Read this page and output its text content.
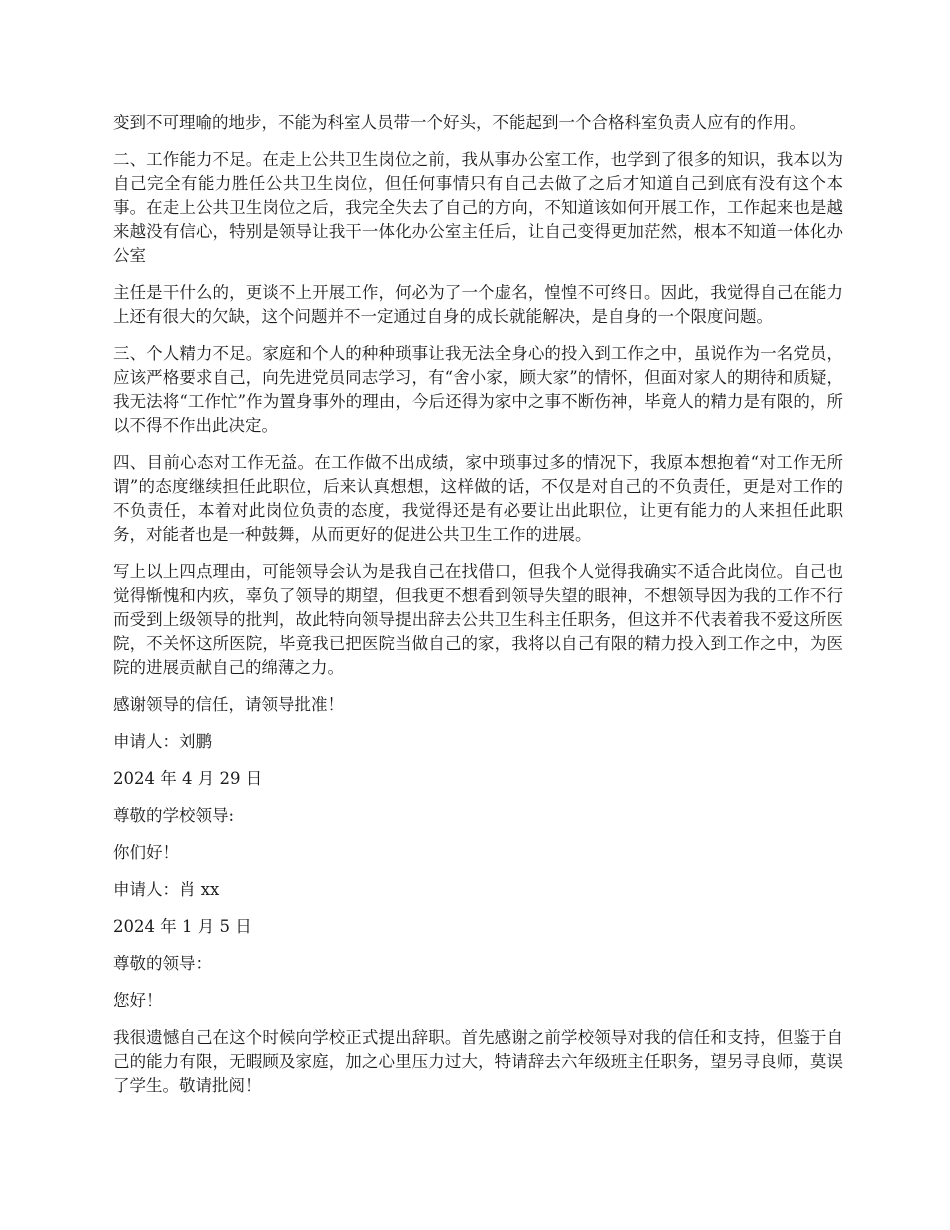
变到不可理喻的地步，不能为科室人员带一个好头，不能起到一个合格科室负责人应有的作用。

二、工作能力不足。在走上公共卫生岗位之前，我从事办公室工作，也学到了很多的知识，我本以为自己完全有能力胜任公共卫生岗位，但任何事情只有自己去做了之后才知道自己到底有没有这个本事。在走上公共卫生岗位之后，我完全失去了自己的方向，不知道该如何开展工作，工作起来也是越来越没有信心，特别是领导让我干一体化办公室主任后，让自己变得更加茫然，根本不知道一体化办公室

主任是干什么的，更谈不上开展工作，何必为了一个虚名，惶惶不可终日。因此，我觉得自己在能力上还有很大的欠缺，这个问题并不一定通过自身的成长就能解决，是自身的一个限度问题。

三、个人精力不足。家庭和个人的种种琐事让我无法全身心的投入到工作之中，虽说作为一名党员，应该严格要求自己，向先进党员同志学习，有“舍小家，顾大家”的情怀，但面对家人的期待和质疑，我无法将“工作忙”作为置身事外的理由，今后还得为家中之事不断伤神，毕竟人的精力是有限的，所以不得不作出此决定。

四、目前心态对工作无益。在工作做不出成绩，家中琐事过多的情况下，我原本想抱着“对工作无所谓”的态度继续担任此职位，后来认真想想，这样做的话，不仅是对自己的不负责任，更是对工作的不负责任，本着对此岗位负责的态度，我觉得还是有必要让出此职位，让更有能力的人来担任此职务，对能者也是一种鼓舞，从而更好的促进公共卫生工作的进展。

写上以上四点理由，可能领导会认为是我自己在找借口，但我个人觉得我确实不适合此岗位。自己也觉得惭愧和内疚，辜负了领导的期望，但我更不想看到领导失望的眼神，不想领导因为我的工作不行而受到上级领导的批判，故此特向领导提出辞去公共卫生科主任职务，但这并不代表着我不爱这所医院，不关怀这所医院，毕竟我已把医院当做自己的家，我将以自己有限的精力投入到工作之中，为医院的进展贡献自己的绵薄之力。

感谢领导的信任，请领导批准！

申请人：刘鹏

2024 年 4 月 29 日

尊敬的学校领导:

你们好！

申请人：肖 xx

2024 年 1 月 5 日

尊敬的领导：

您好！

我很遗憾自己在这个时候向学校正式提出辞职。首先感谢之前学校领导对我的信任和支持，但鉴于自己的能力有限，无暇顾及家庭，加之心里压力过大，特请辞去六年级班主任职务，望另寻良师，莫误了学生。敬请批阅！
